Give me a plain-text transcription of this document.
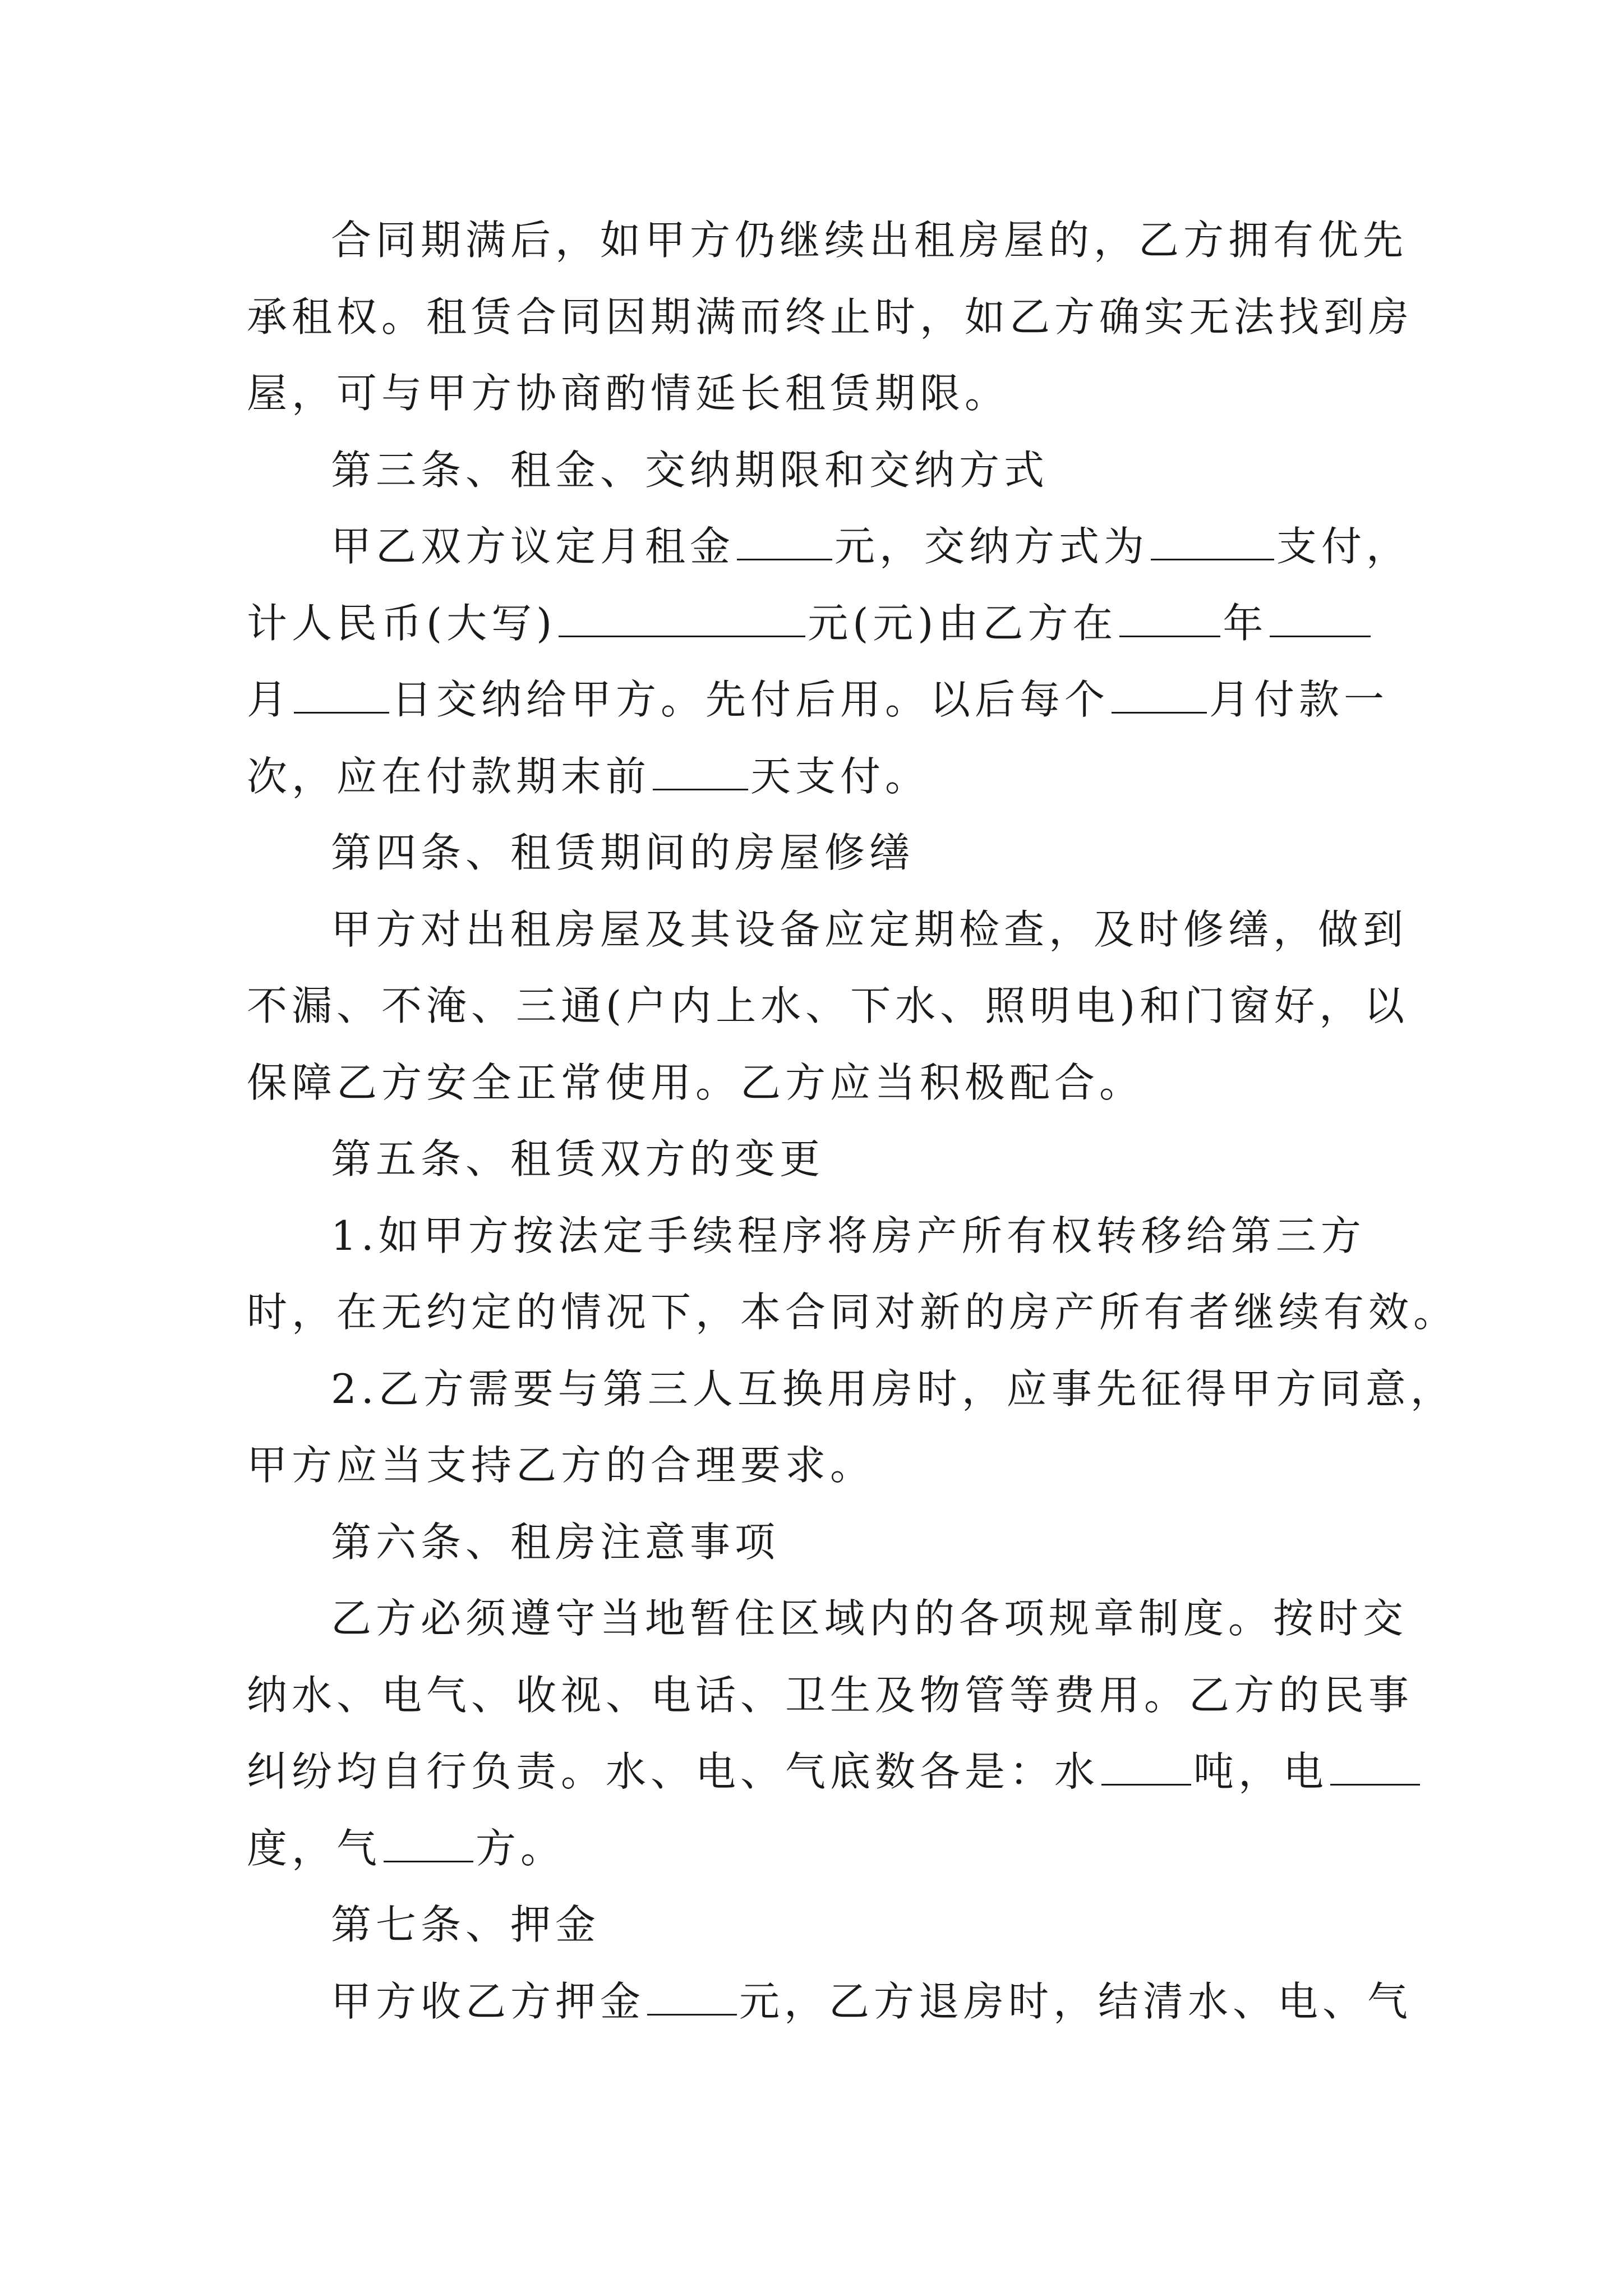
合同期满后，如甲方仍继续出租房屋的，乙方拥有优先
承租权。租赁合同因期满而终止时，如乙方确实无法找到房
屋，可与甲方协商酌情延长租赁期限。
第三条、租金、交纳期限和交纳方式
甲乙双方议定月租金 元，交纳方式为	支付，
计人民币(大写)	元(元)由乙方在	年
月 日交纳给甲方。先付后用。以后每个 月付款一
次，应在付款期末前 天支付。
第四条、租赁期间的房屋修缮
甲方对出租房屋及其设备应定期检查，及时修缮，做到
不漏、不淹、三通(户内上水、下水、照明电)和门窗好，以
保障乙方安全正常使用。乙方应当积极配合。
第五条、租赁双方的变更
1.如甲方按法定手续程序将房产所有权转移给第三方
时，在无约定的情况下，本合同对新的房产所有者继续有效。
2.乙方需要与第三人互换用房时，应事先征得甲方同意，
甲方应当支持乙方的合理要求。
第六条、租房注意事项
乙方必须遵守当地暂住区域内的各项规章制度。按时交
纳水、电气、收视、电话、卫生及物管等费用。乙方的民事
纠纷均自行负责。水、电、气底数各是：水 吨，电
度，气 方。
第七条、押金
甲方收乙方押金 元，乙方退房时，结清水、电、气
